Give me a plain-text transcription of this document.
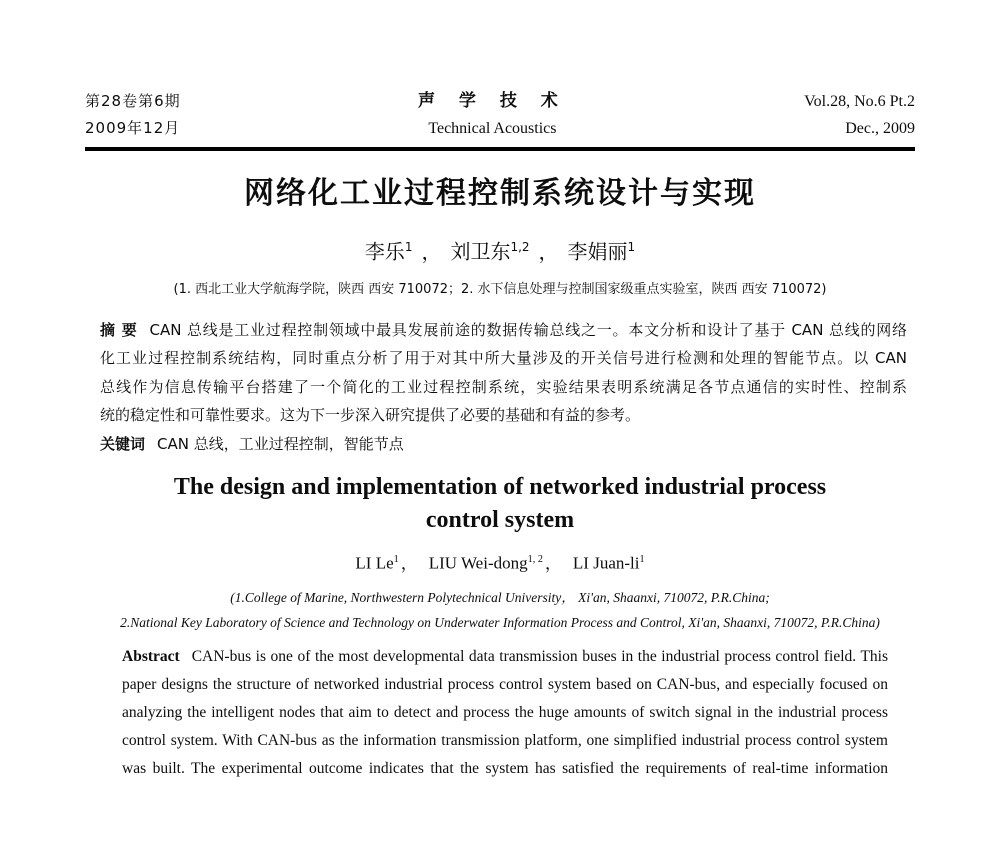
第28卷第6期
2009年12月
声 学 技 术
Technical Acoustics
Vol.28, No.6 Pt.2
Dec., 2009
网络化工业过程控制系统设计与实现
李乐$^1$ ， 刘卫东$^{1,2}$ ， 李娟丽$^1$
(1. 西北工业大学航海学院，陕西 西安 710072；2. 水下信息处理与控制国家级重点实验室，陕西 西安 710072)
摘 要 CAN 总线是工业过程控制领域中最具发展前途的数据传输总线之一。本文分析和设计了基于 CAN 总线的网络
化工业过程控制系统结构，同时重点分析了用于对其中所大量涉及的开关信号进行检测和处理的智能节点。以 CAN
总线作为信息传输平台搭建了一个简化的工业过程控制系统，实验结果表明系统满足各节点通信的实时性、控制系
统的稳定性和可靠性要求。这为下一步深入研究提供了必要的基础和有益的参考。
关键词 CAN 总线，工业过程控制，智能节点
The design and implementation of networked industrial process
control system
LI Le$^1$ ， LIU Wei-dong$^{1, 2}$ ， LI Juan-$li^1$
(1.College of Marine, Northwestern Polytechnical University， Xi'an, Shaanxi, 710072, P.R.China;
2.National Key Laboratory of Science and Technology on Underwater Information Process and Control, Xi'an, Shaanxi, 710072, P.R.China)
Abstract CAN-bus is one of the most developmental data transmission buses in the industrial process control field. This
paper designs the structure of networked industrial process control system based on CAN-bus, and especially focused on
analyzing the intelligent nodes that aim to detect and process the huge amounts of switch signal in the industrial process
control system. With CAN-bus as the information transmission platform, one simplified industrial process control system
was built. The experimental outcome indicates that the system has satisfied the requirements of real-time information
